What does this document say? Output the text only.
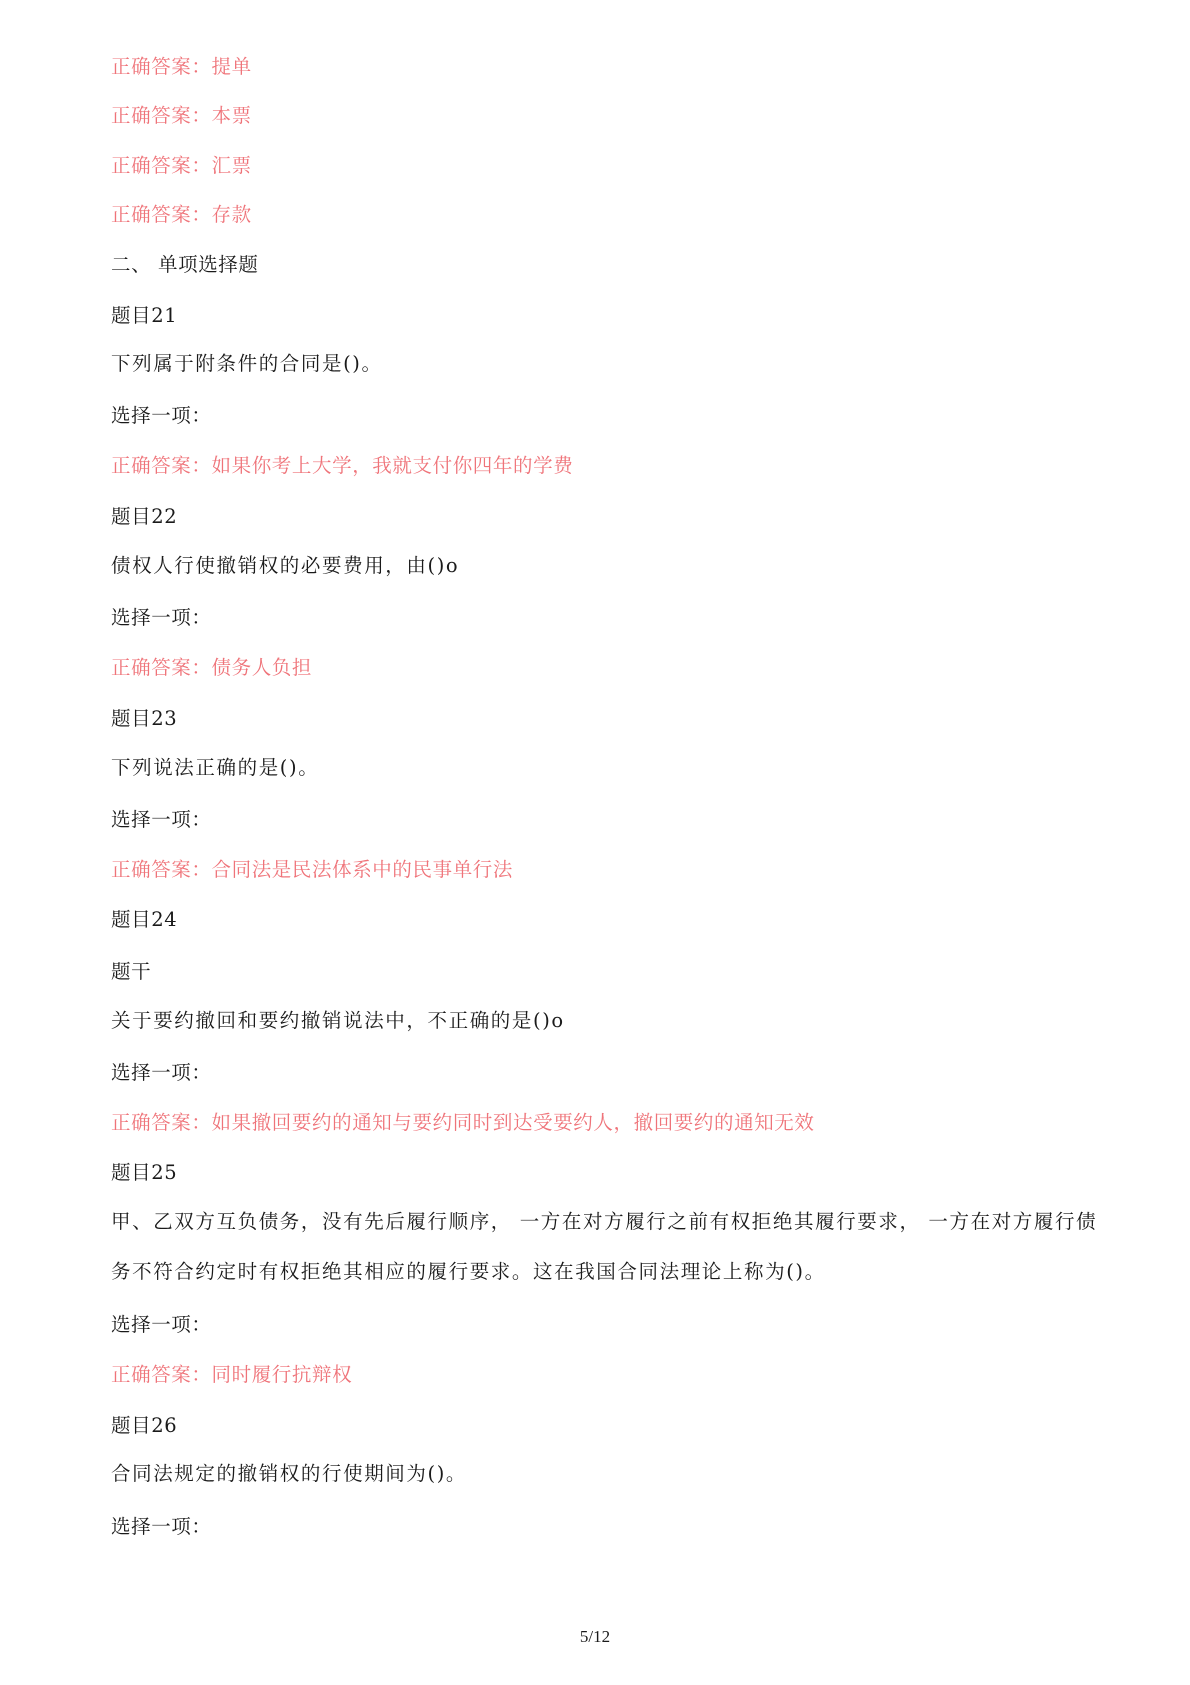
正确答案：提单

正确答案：本票

正确答案：汇票

正确答案：存款

二、 单项选择题

题目21

下列属于附条件的合同是()。

选择一项：

正确答案：如果你考上大学，我就支付你四年的学费

题目22

债权人行使撤销权的必要费用，由()o

选择一项：

正确答案：债务人负担

题目23

下列说法正确的是()。

选择一项：

正确答案：合同法是民法体系中的民事单行法

题目24

题干

关于要约撤回和要约撤销说法中，不正确的是()o

选择一项：

正确答案：如果撤回要约的通知与要约同时到达受要约人，撤回要约的通知无效

题目25

甲、乙双方互负债务，没有先后履行顺序， 一方在对方履行之前有权拒绝其履行要求， 一方在对方履行债

务不符合约定时有权拒绝其相应的履行要求。这在我国合同法理论上称为()。

选择一项：

正确答案：同时履行抗辩权

题目26

合同法规定的撤销权的行使期间为()。

选择一项：

5/12
